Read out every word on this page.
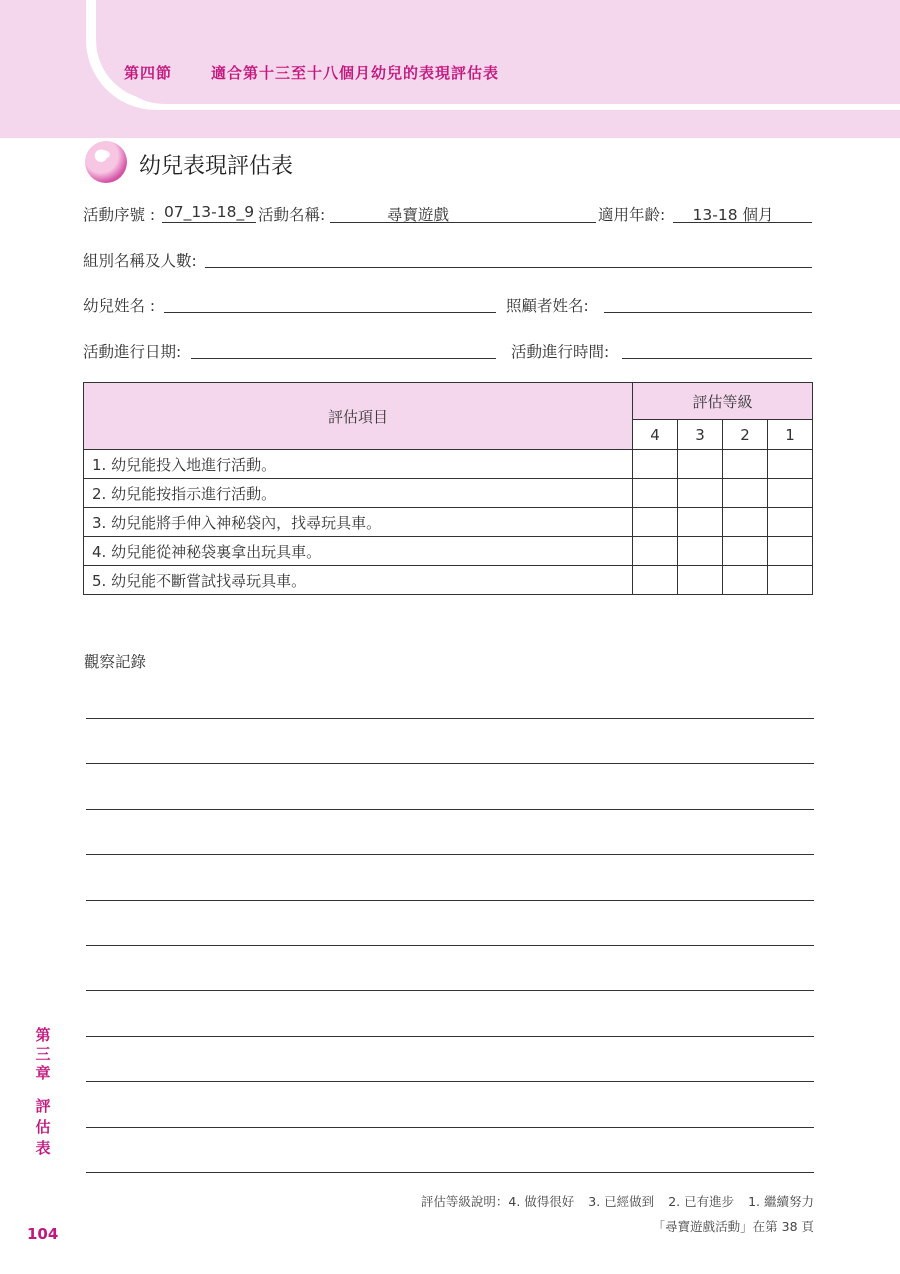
第四節	適合第十三至十八個月幼兒的表現評估表
幼兒表現評估表
活動序號 : 07_13-18_9 活動名稱:	尋寶遊戲	適用年齡:	13-18 個月
組別名稱及人數:
幼兒姓名 :	照顧者姓名:
活動進行日期:	活動進行時間:
評估項目	評估等級			
	4	3	2	1
1. 幼兒能投入地進行活動。				
2. 幼兒能按指示進行活動。				
3. 幼兒能將手伸入神秘袋內，找尋玩具車。				
4. 幼兒能從神秘袋裏拿出玩具車。				
5. 幼兒能不斷嘗試找尋玩具車。				
觀察記錄
第
三
章
評
估
表
104
評估等級說明：4. 做得很好 3. 已經做到 2. 已有進步 1. 繼續努力
「尋寶遊戲活動」在第 38 頁
